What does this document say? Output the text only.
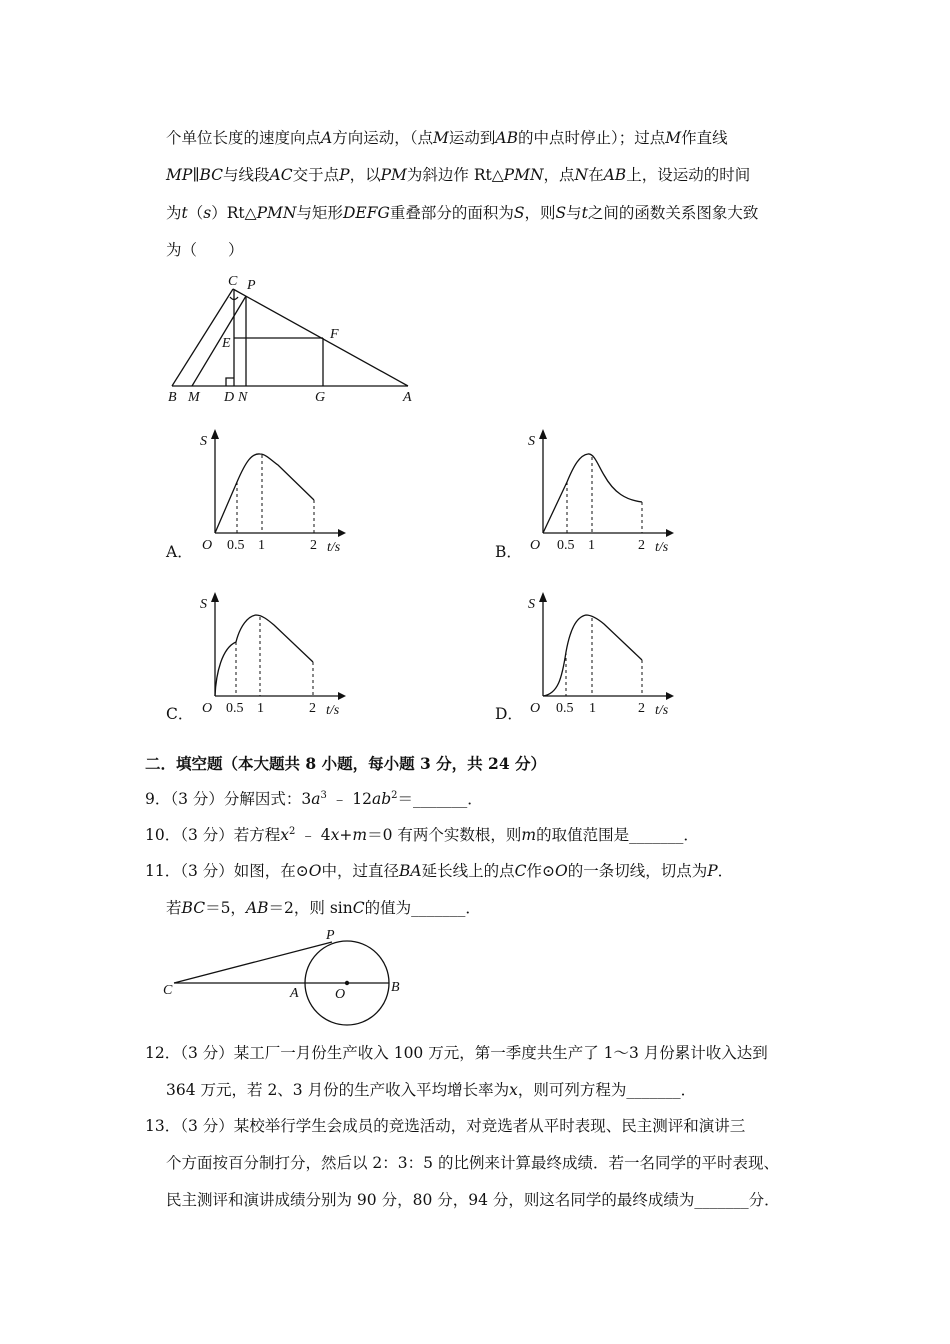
个单位长度的速度向点A方向运动，（点M运动到AB的中点时停止）；过点M作直线
MP∥BC与线段AC交于点P，以PM为斜边作 Rt△PMN，点N在AB上，设运动的时间
为t（s）Rt△PMN与矩形DEFG重叠部分的面积为S，则S与t之间的函数关系图象大致
为（　　）
C P
E
F
B M D N	G	A
A．	B．
C．	D．
S
O 0.5 1	2 t/s
S
O 0.5 1	2 t/s
S
O 0.5 1	2 t/s
S
O 0.5 1	2 t/s
二．填空题（本大题共 8 小题，每小题 3 分，共 24 分）
9．（3 分）分解因式：$3a^3$ ﹣ $12ab^2=\_\_\_\_\_\_\_$．
10．（3 分）若方程$x^2$ ﹣ 4x+m＝0 有两个实数根，则m的取值范围是_______．
11．（3 分）如图，在⊙O中，过直径BA延长线上的点C作⊙O的一条切线，切点为P．
若BC＝5，AB＝2，则 sinC的值为_______．
P
C	A	O	B
12．（3 分）某工厂一月份生产收入 100 万元，第一季度共生产了 1～3 月份累计收入达到
364 万元，若 2、3 月份的生产收入平均增长率为x，则可列方程为_______．
13．（3 分）某校举行学生会成员的竞选活动，对竞选者从平时表现、民主测评和演讲三
个方面按百分制打分，然后以 2：3：5 的比例来计算最终成绩．若一名同学的平时表现、
民主测评和演讲成绩分别为 90 分，80 分，94 分，则这名同学的最终成绩为_______分．
